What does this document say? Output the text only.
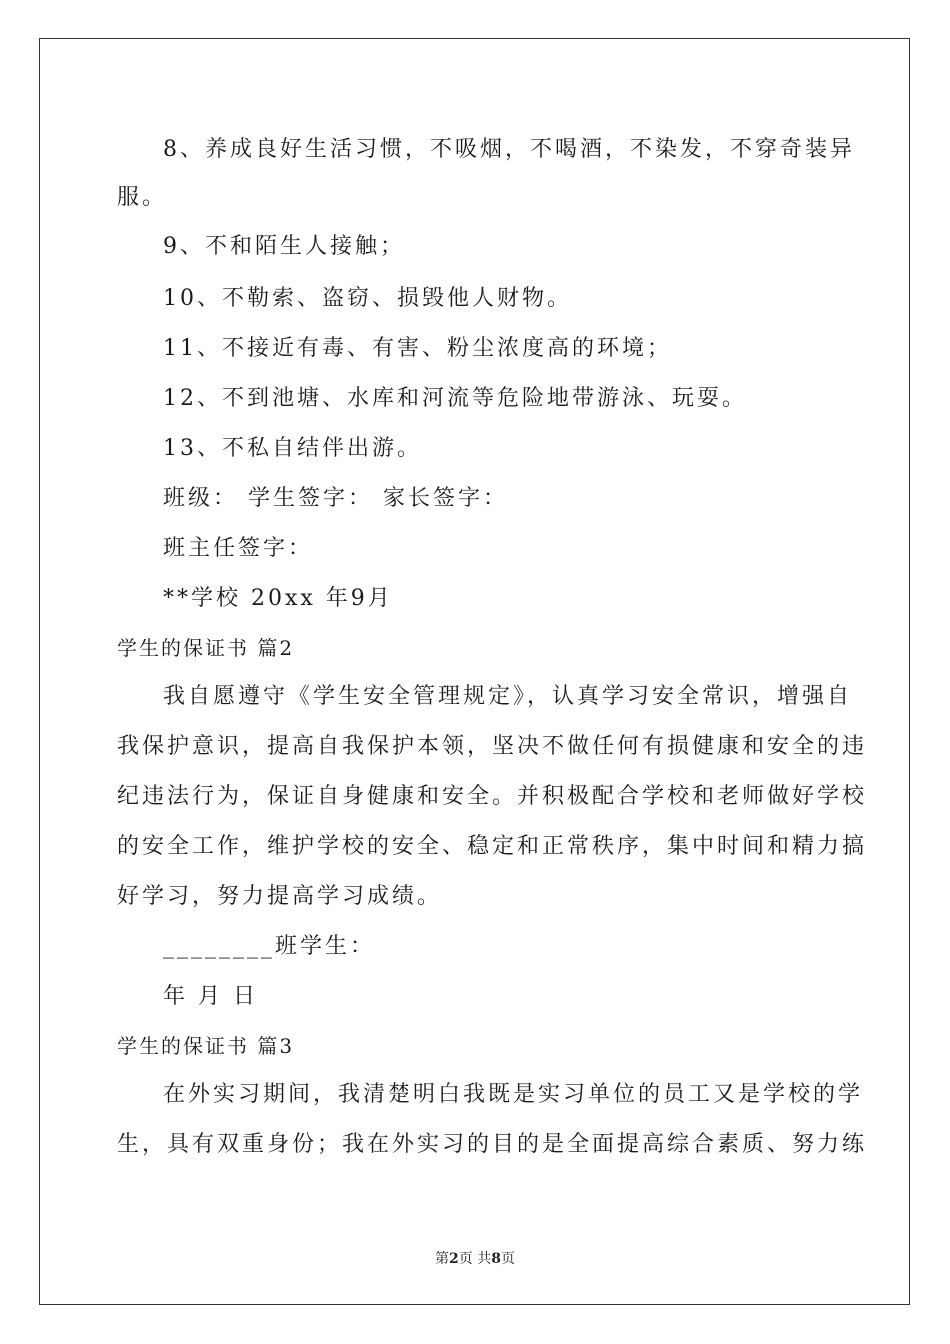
8、养成良好生活习惯，不吸烟，不喝酒，不染发，不穿奇装异
服。
9、不和陌生人接触；
10、不勒索、盗窃、损毁他人财物。
11、不接近有毒、有害、粉尘浓度高的环境；
12、不到池塘、水库和河流等危险地带游泳、玩耍。
13、不私自结伴出游。
班级： 学生签字： 家长签字：
班主任签字：
**学校 20xx 年9月
学生的保证书 篇2
我自愿遵守《学生安全管理规定》，认真学习安全常识，增强自
我保护意识，提高自我保护本领，坚决不做任何有损健康和安全的违
纪违法行为，保证自身健康和安全。并积极配合学校和老师做好学校
的安全工作，维护学校的安全、稳定和正常秩序，集中时间和精力搞
好学习，努力提高学习成绩。
________班学生：
年 月 日
学生的保证书 篇3
在外实习期间，我清楚明白我既是实习单位的员工又是学校的学
生，具有双重身份；我在外实习的目的是全面提高综合素质、努力练
第2页 共8页
